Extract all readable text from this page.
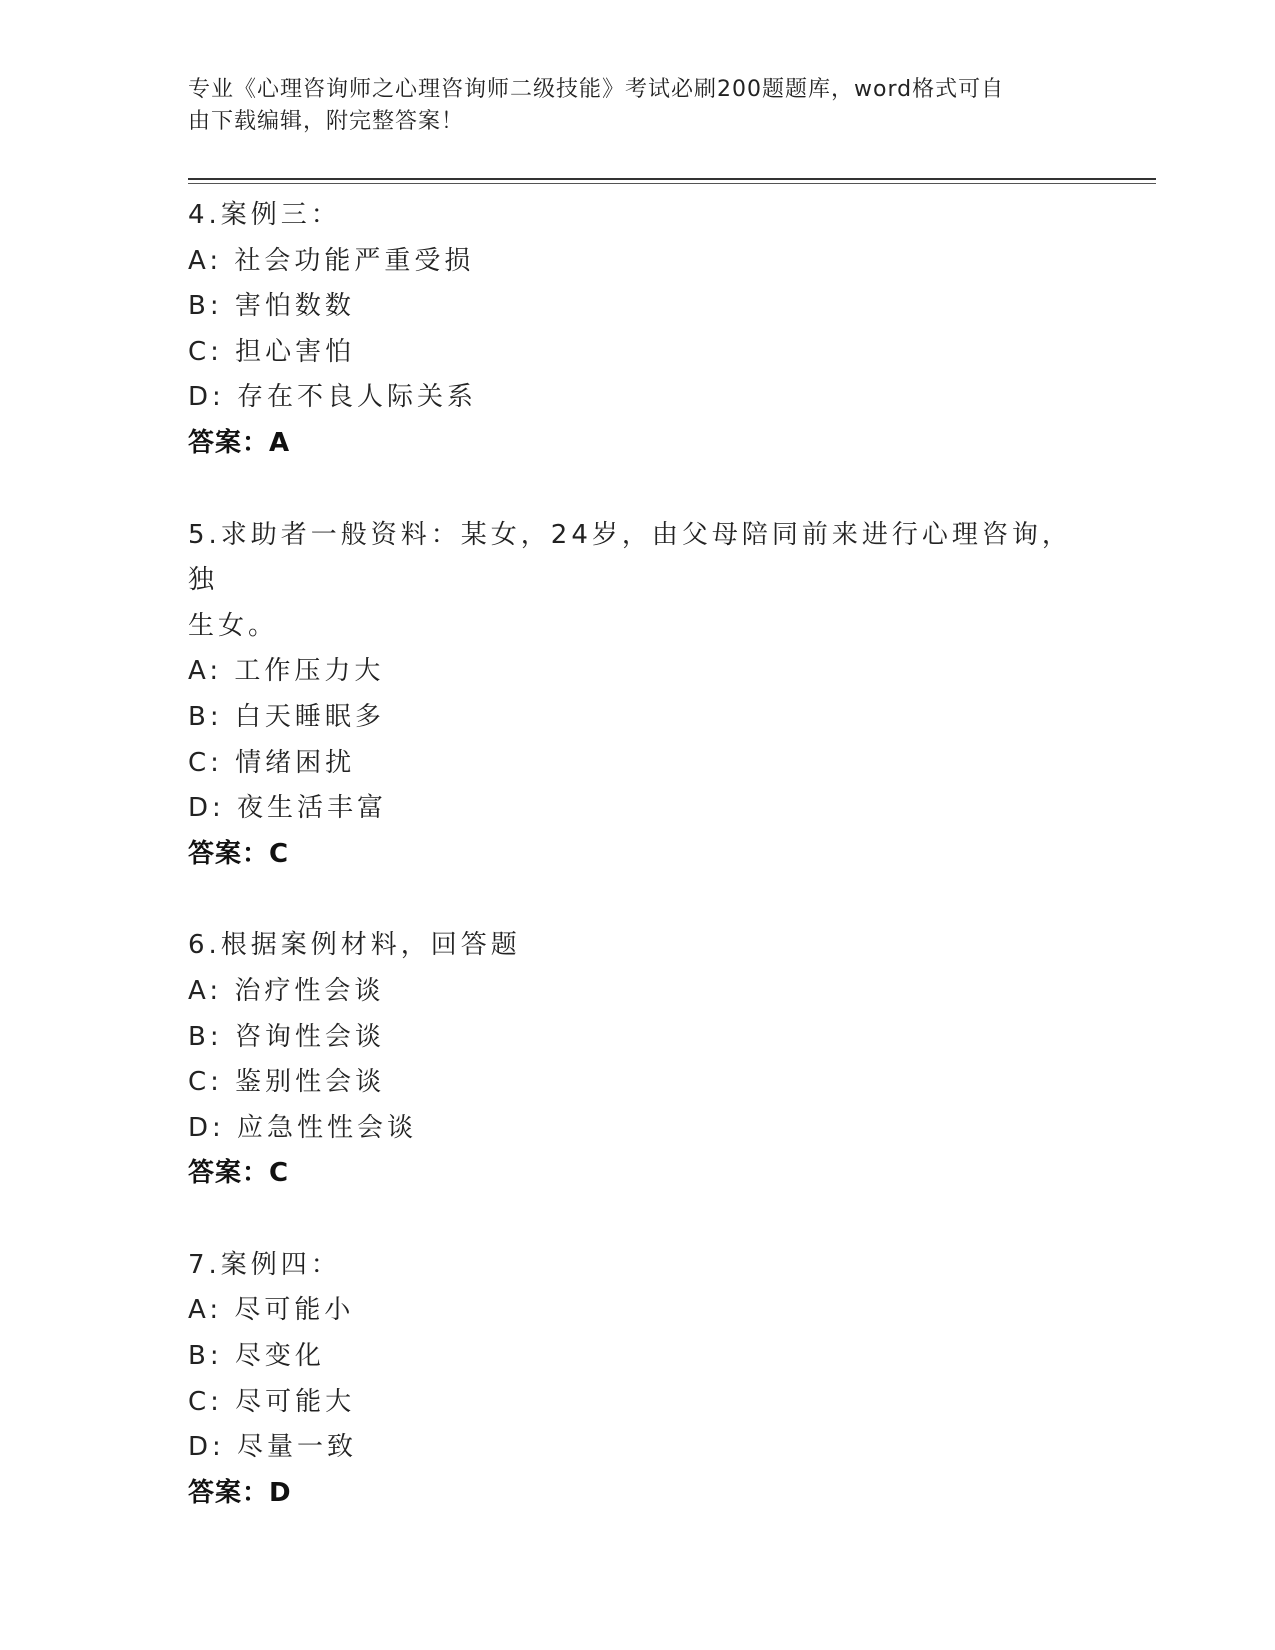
专业《心理咨询师之心理咨询师二级技能》考试必刷200题题库，word格式可自
由下载编辑，附完整答案！
4.案例三：
A: 社会功能严重受损
B: 害怕数数
C: 担心害怕
D: 存在不良人际关系
答案：A
5.求助者一般资料：某女，24岁，由父母陪同前来进行心理咨询，独
生女。
A: 工作压力大
B: 白天睡眠多
C: 情绪困扰
D: 夜生活丰富
答案：C
6.根据案例材料，回答题
A: 治疗性会谈
B: 咨询性会谈
C: 鉴别性会谈
D: 应急性性会谈
答案：C
7.案例四：
A: 尽可能小
B: 尽变化
C: 尽可能大
D: 尽量一致
答案：D
